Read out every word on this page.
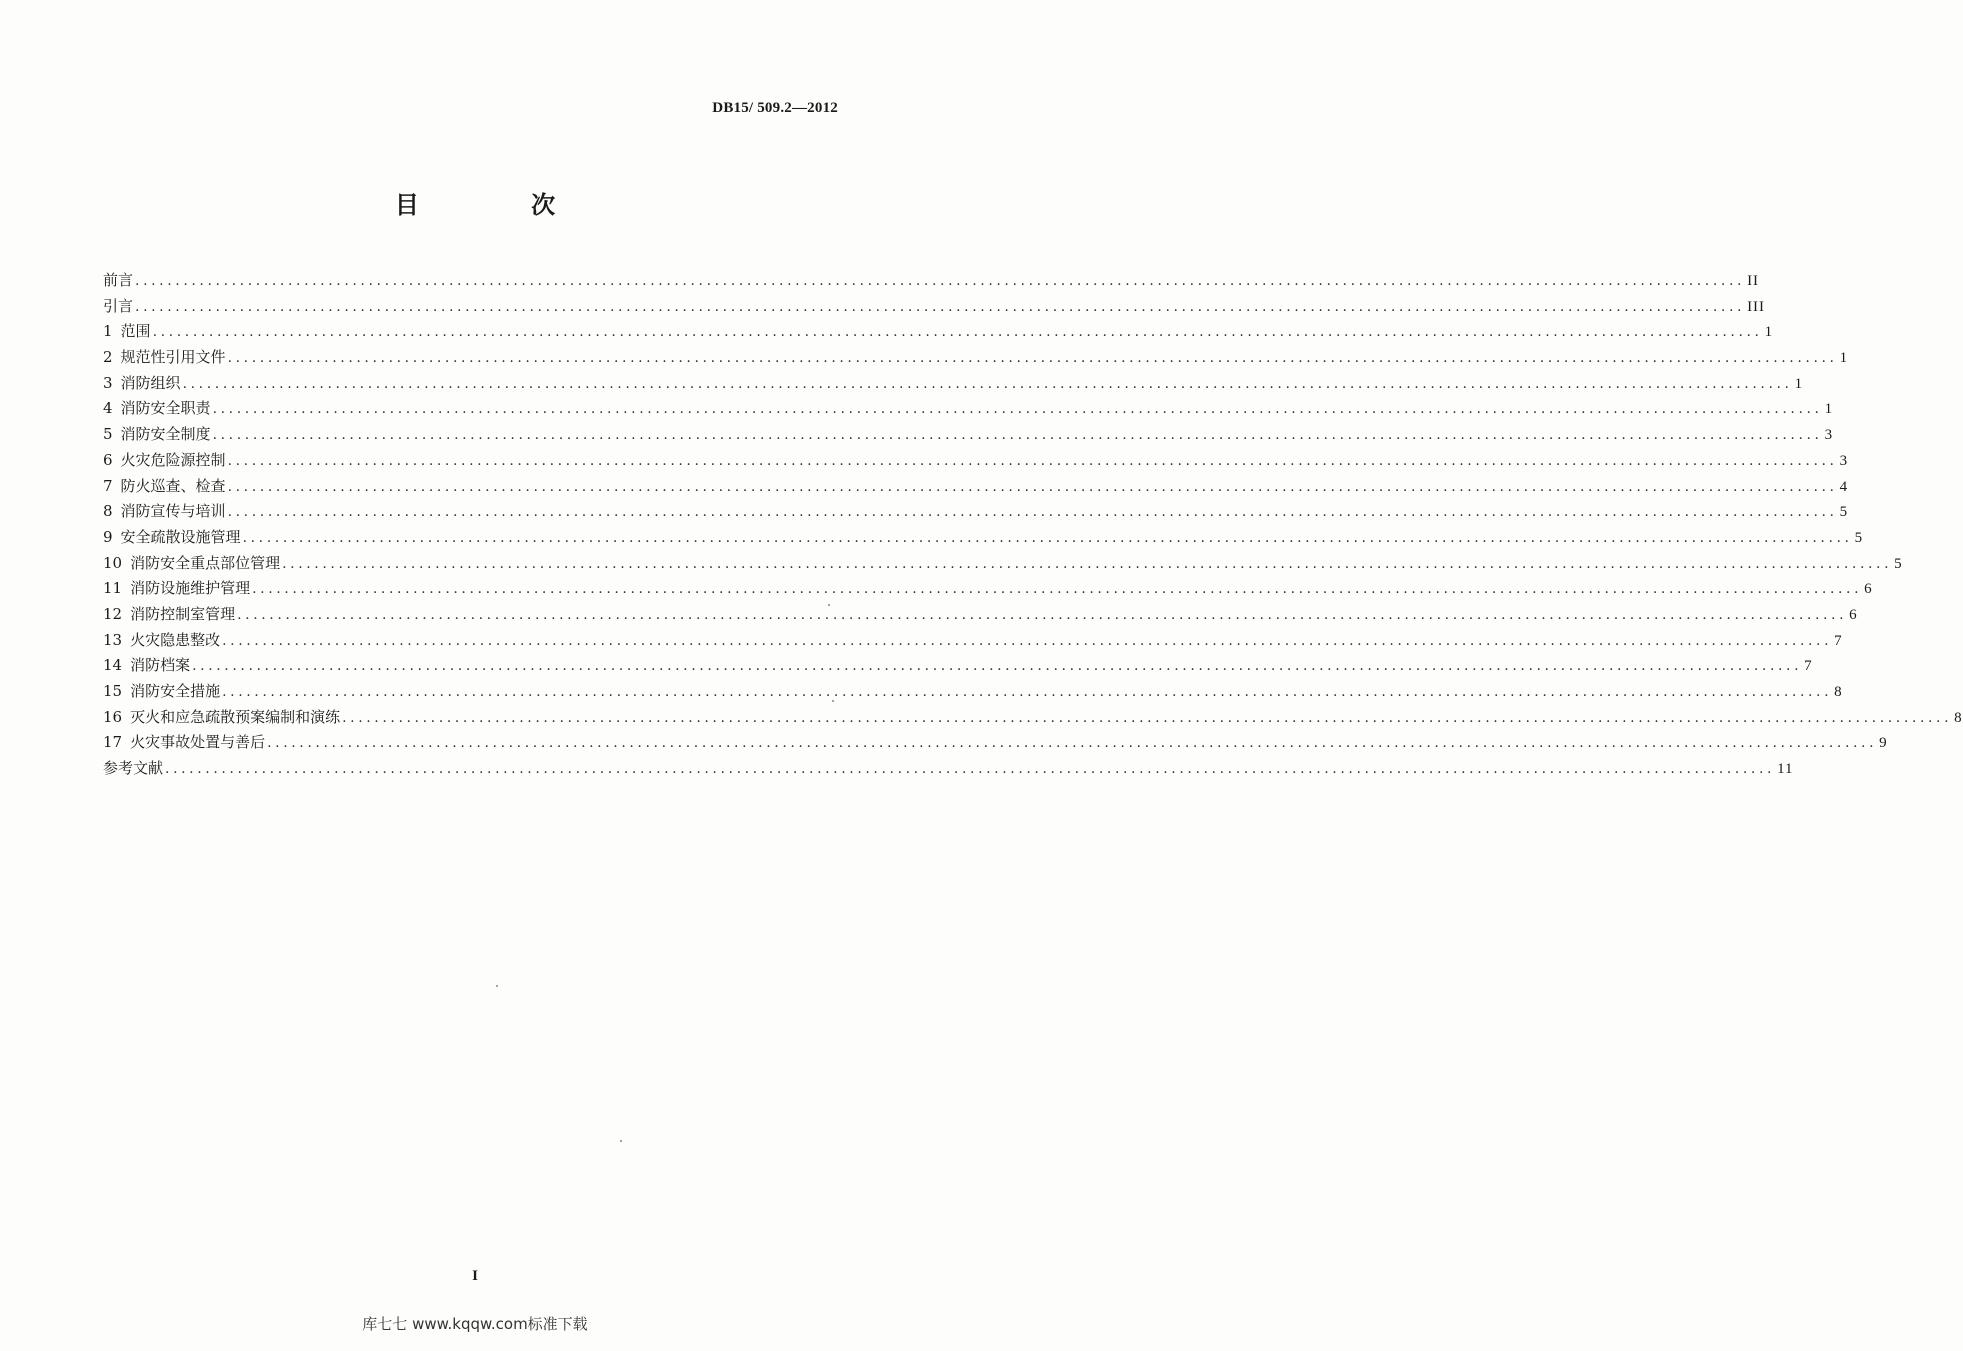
DB15/ 509.2—2012
目 次
前言 ........................................................................................................................................................................................................ II
引言 ........................................................................................................................................................................................................ III
1 范围 ........................................................................................................................................................................................................ 1
2 规范性引用文件 ........................................................................................................................................................................................................ 1
3 消防组织 ........................................................................................................................................................................................................ 1
4 消防安全职责 ........................................................................................................................................................................................................ 1
5 消防安全制度 ........................................................................................................................................................................................................ 3
6 火灾危险源控制 ........................................................................................................................................................................................................ 3
7 防火巡查、检查 ........................................................................................................................................................................................................ 4
8 消防宣传与培训 ........................................................................................................................................................................................................ 5
9 安全疏散设施管理 ........................................................................................................................................................................................................ 5
10 消防安全重点部位管理 ........................................................................................................................................................................................................ 5
11 消防设施维护管理 ........................................................................................................................................................................................................ 6
12 消防控制室管理 ........................................................................................................................................................................................................ 6
13 火灾隐患整改 ........................................................................................................................................................................................................ 7
14 消防档案 ........................................................................................................................................................................................................ 7
15 消防安全措施 ........................................................................................................................................................................................................ 8
16 灭火和应急疏散预案编制和演练 ........................................................................................................................................................................................................ 8
17 火灾事故处置与善后 ........................................................................................................................................................................................................ 9
参考文献 ........................................................................................................................................................................................................ 11
I
库七七 www.kqqw.com标准下载
